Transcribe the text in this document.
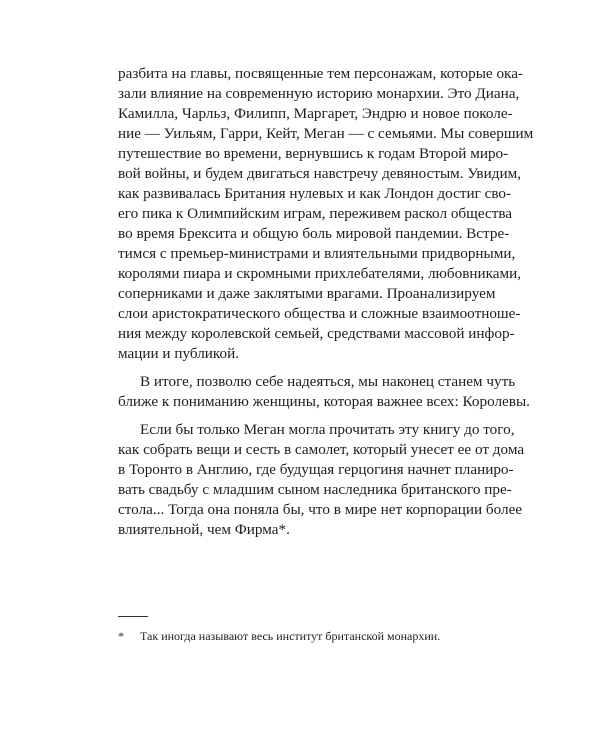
разбита на главы, посвященные тем персонажам, которые ока-
зали влияние на современную историю монархии. Это Диана,
Камилла, Чарльз, Филипп, Маргарет, Эндрю и новое поколе-
ние — Уильям, Гарри, Кейт, Меган — с семьями. Мы совершим
путешествие во времени, вернувшись к годам Второй миро-
вой войны, и будем двигаться навстречу девяностым. Увидим,
как развивалась Британия нулевых и как Лондон достиг сво-
его пика к Олимпийским играм, переживем раскол общества
во время Брексита и общую боль мировой пандемии. Встре-
тимся с премьер-министрами и влиятельными придворными,
королями пиара и скромными прихлебателями, любовниками,
соперниками и даже заклятыми врагами. Проанализируем
слои аристократического общества и сложные взаимоотноше-
ния между королевской семьей, средствами массовой инфор-
мации и публикой.
В итоге, позволю себе надеяться, мы наконец станем чуть
ближе к пониманию женщины, которая важнее всех: Королевы.
Если бы только Меган могла прочитать эту книгу до того,
как собрать вещи и сесть в самолет, который унесет ее от дома
в Торонто в Англию, где будущая герцогиня начнет планиро-
вать свадьбу с младшим сыном наследника британского пре-
стола... Тогда она поняла бы, что в мире нет корпорации более
влиятельной, чем Фирма*.
* Так иногда называют весь институт британской монархии.
